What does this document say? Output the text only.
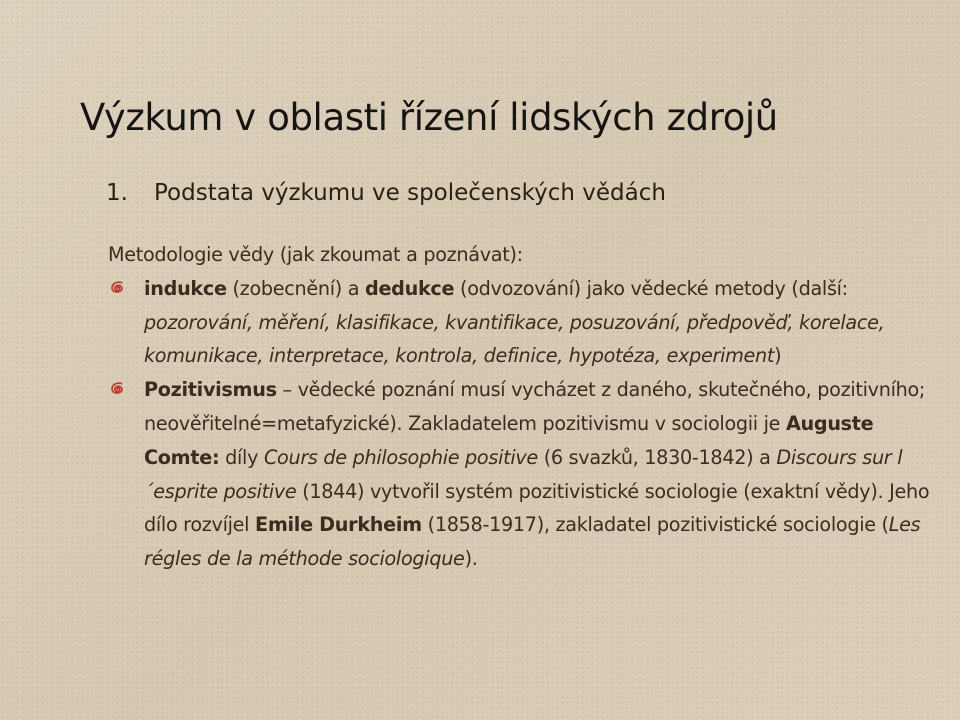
Výzkum v oblasti řízení lidských zdrojů
1. Podstata výzkumu ve společenských vědách

Metodologie vědy (jak zkoumat a poznávat):

indukce (zobecnění) a dedukce (odvozování) jako vědecké metody (další: pozorování, měření, klasifikace, kvantifikace, posuzování, předpověď, korelace, komunikace, interpretace, kontrola, definice, hypotéza, experiment)

Pozitivismus – vědecké poznání musí vycházet z daného, skutečného, pozitivního; neověřitelné=metafyzické). Zakladatelem pozitivismu v sociologii je Auguste Comte: díly Cours de philosophie positive (6 svazků, 1830-1842) a Discours sur l´esprite positive (1844) vytvořil systém pozitivistické sociologie (exaktní vědy). Jeho dílo rozvíjel Emile Durkheim (1858-1917), zakladatel pozitivistické sociologie (Les régles de la méthode sociologique).
